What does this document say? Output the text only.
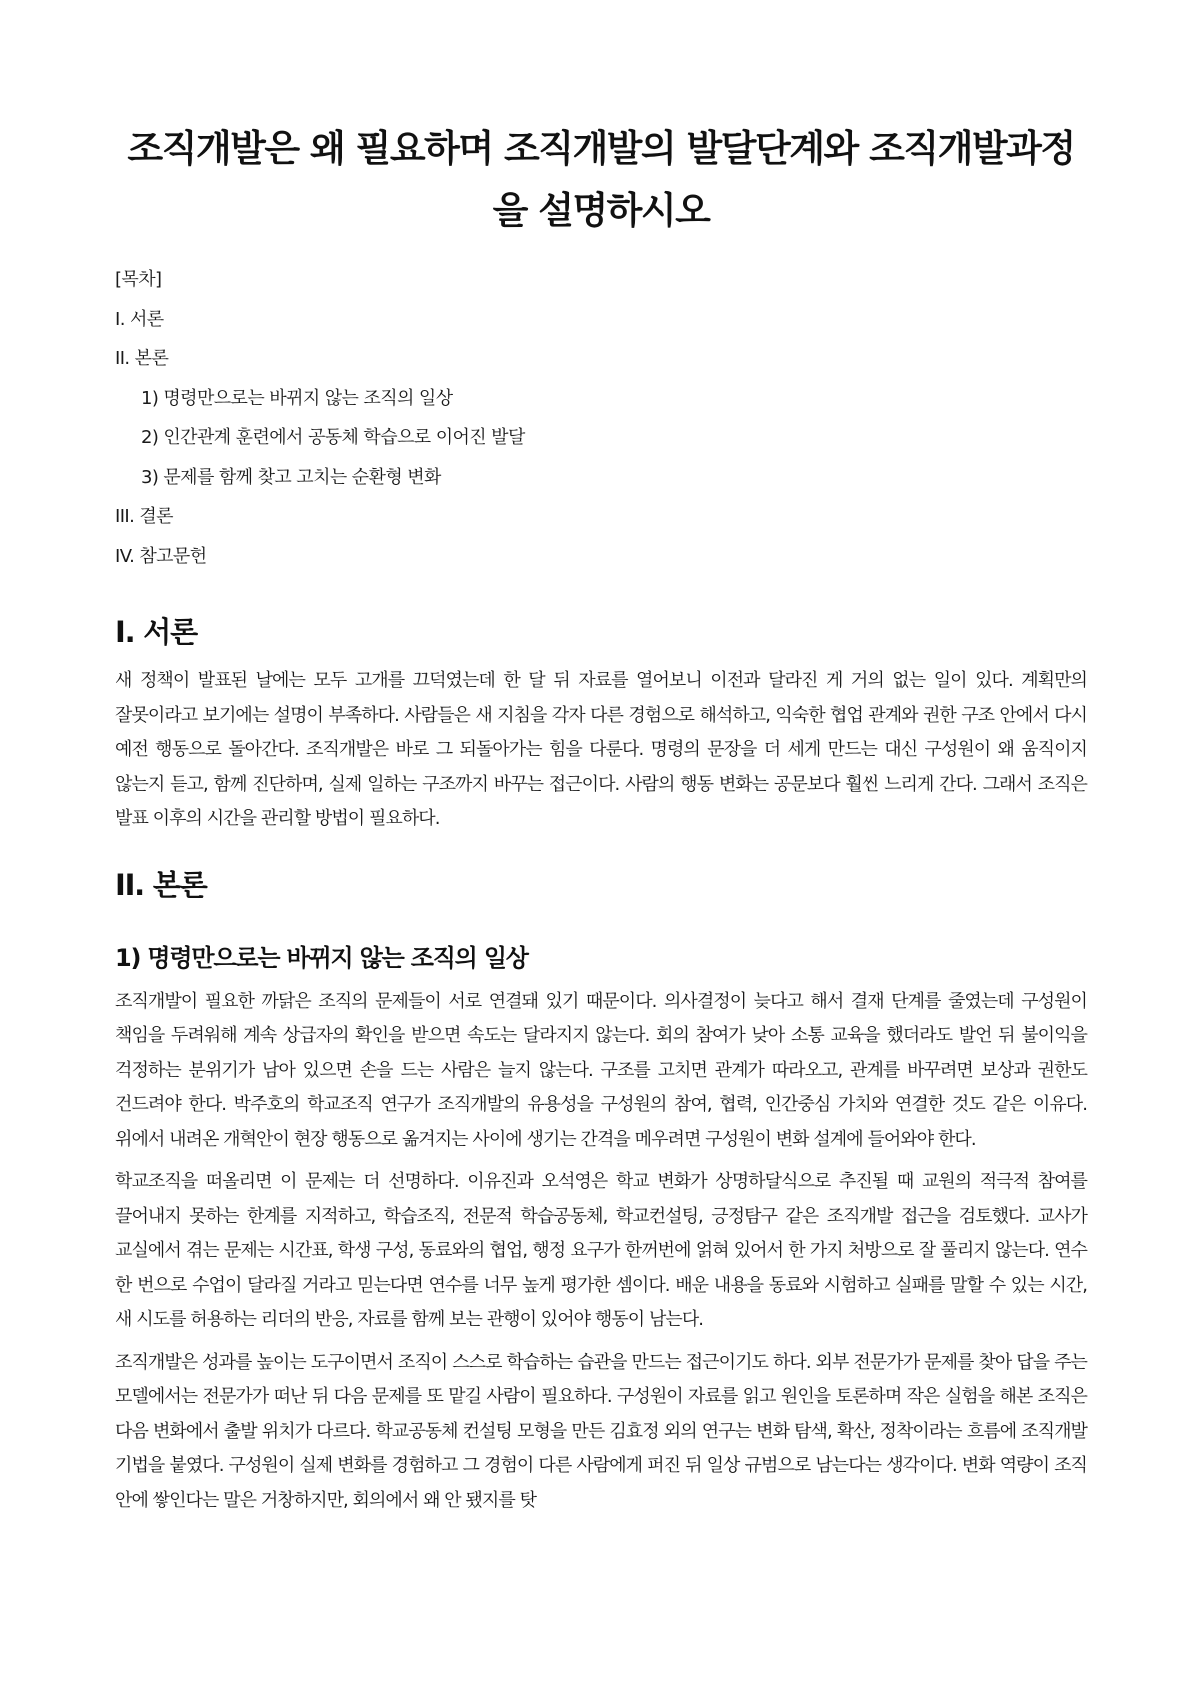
조직개발은 왜 필요하며 조직개발의 발달단계와 조직개발과정을 설명하시오
[목차]
I. 서론
II. 본론
1) 명령만으로는 바뀌지 않는 조직의 일상
2) 인간관계 훈련에서 공동체 학습으로 이어진 발달
3) 문제를 함께 찾고 고치는 순환형 변화
III. 결론
IV. 참고문헌
I. 서론

새 정책이 발표된 날에는 모두 고개를 끄덕였는데 한 달 뒤 자료를 열어보니 이전과 달라진 게 거의 없는 일이 있다. 계획만의 잘못이라고 보기에는 설명이 부족하다. 사람들은 새 지침을 각자 다른 경험으로 해석하고, 익숙한 협업 관계와 권한 구조 안에서 다시 예전 행동으로 돌아간다. 조직개발은 바로 그 되돌아가는 힘을 다룬다. 명령의 문장을 더 세게 만드는 대신 구성원이 왜 움직이지 않는지 듣고, 함께 진단하며, 실제 일하는 구조까지 바꾸는 접근이다. 사람의 행동 변화는 공문보다 훨씬 느리게 간다. 그래서 조직은 발표 이후의 시간을 관리할 방법이 필요하다.

II. 본론
1) 명령만으로는 바뀌지 않는 조직의 일상

조직개발이 필요한 까닭은 조직의 문제들이 서로 연결돼 있기 때문이다. 의사결정이 늦다고 해서 결재 단계를 줄였는데 구성원이 책임을 두려워해 계속 상급자의 확인을 받으면 속도는 달라지지 않는다. 회의 참여가 낮아 소통 교육을 했더라도 발언 뒤 불이익을 걱정하는 분위기가 남아 있으면 손을 드는 사람은 늘지 않는다. 구조를 고치면 관계가 따라오고, 관계를 바꾸려면 보상과 권한도 건드려야 한다. 박주호의 학교조직 연구가 조직개발의 유용성을 구성원의 참여, 협력, 인간중심 가치와 연결한 것도 같은 이유다. 위에서 내려온 개혁안이 현장 행동으로 옮겨지는 사이에 생기는 간격을 메우려면 구성원이 변화 설계에 들어와야 한다.

학교조직을 떠올리면 이 문제는 더 선명하다. 이유진과 오석영은 학교 변화가 상명하달식으로 추진될 때 교원의 적극적 참여를 끌어내지 못하는 한계를 지적하고, 학습조직, 전문적 학습공동체, 학교컨설팅, 긍정탐구 같은 조직개발 접근을 검토했다. 교사가 교실에서 겪는 문제는 시간표, 학생 구성, 동료와의 협업, 행정 요구가 한꺼번에 얽혀 있어서 한 가지 처방으로 잘 풀리지 않는다. 연수 한 번으로 수업이 달라질 거라고 믿는다면 연수를 너무 높게 평가한 셈이다. 배운 내용을 동료와 시험하고 실패를 말할 수 있는 시간, 새 시도를 허용하는 리더의 반응, 자료를 함께 보는 관행이 있어야 행동이 남는다.

조직개발은 성과를 높이는 도구이면서 조직이 스스로 학습하는 습관을 만드는 접근이기도 하다. 외부 전문가가 문제를 찾아 답을 주는 모델에서는 전문가가 떠난 뒤 다음 문제를 또 맡길 사람이 필요하다. 구성원이 자료를 읽고 원인을 토론하며 작은 실험을 해본 조직은 다음 변화에서 출발 위치가 다르다. 학교공동체 컨설팅 모형을 만든 김효정 외의 연구는 변화 탐색, 확산, 정착이라는 흐름에 조직개발 기법을 붙였다. 구성원이 실제 변화를 경험하고 그 경험이 다른 사람에게 퍼진 뒤 일상 규범으로 남는다는 생각이다. 변화 역량이 조직 안에 쌓인다는 말은 거창하지만, 회의에서 왜 안 됐지를 탓
